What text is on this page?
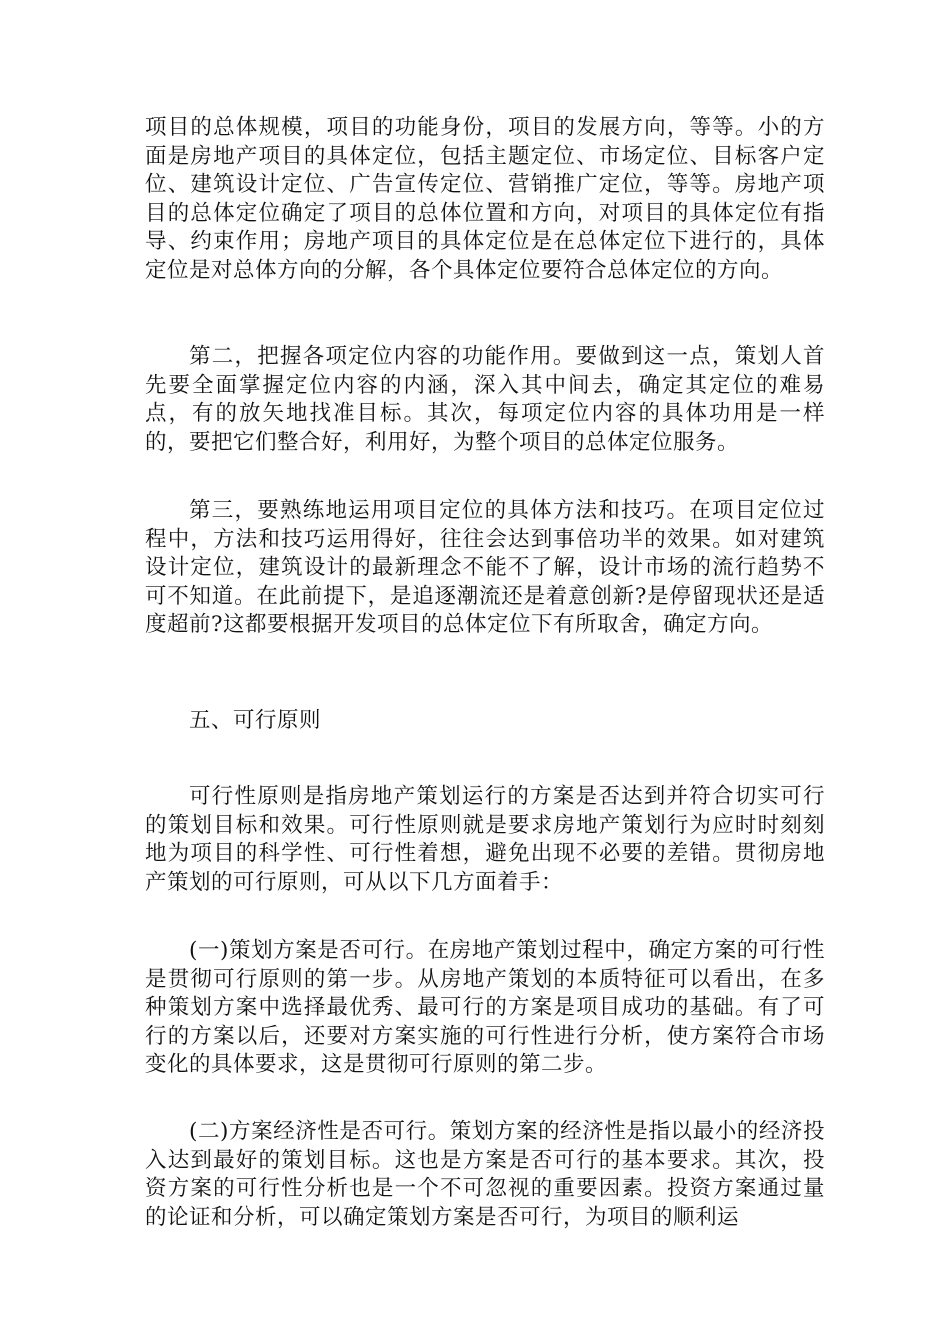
项目的总体规模，项目的功能身份，项目的发展方向，等等。小的方面是房地产项目的具体定位，包括主题定位、市场定位、目标客户定位、建筑设计定位、广告宣传定位、营销推广定位，等等。房地产项目的总体定位确定了项目的总体位置和方向，对项目的具体定位有指导、约束作用；房地产项目的具体定位是在总体定位下进行的，具体定位是对总体方向的分解，各个具体定位要符合总体定位的方向。

第二，把握各项定位内容的功能作用。要做到这一点，策划人首先要全面掌握定位内容的内涵，深入其中间去，确定其定位的难易点，有的放矢地找准目标。其次，每项定位内容的具体功用是一样的，要把它们整合好，利用好，为整个项目的总体定位服务。

第三，要熟练地运用项目定位的具体方法和技巧。在项目定位过程中，方法和技巧运用得好，往往会达到事倍功半的效果。如对建筑设计定位，建筑设计的最新理念不能不了解，设计市场的流行趋势不可不知道。在此前提下，是追逐潮流还是着意创新?是停留现状还是适度超前?这都要根据开发项目的总体定位下有所取舍，确定方向。

五、可行原则

可行性原则是指房地产策划运行的方案是否达到并符合切实可行的策划目标和效果。可行性原则就是要求房地产策划行为应时时刻刻地为项目的科学性、可行性着想，避免出现不必要的差错。贯彻房地产策划的可行原则，可从以下几方面着手：

(一)策划方案是否可行。在房地产策划过程中，确定方案的可行性是贯彻可行原则的第一步。从房地产策划的本质特征可以看出，在多种策划方案中选择最优秀、最可行的方案是项目成功的基础。有了可行的方案以后，还要对方案实施的可行性进行分析，使方案符合市场变化的具体要求，这是贯彻可行原则的第二步。

(二)方案经济性是否可行。策划方案的经济性是指以最小的经济投入达到最好的策划目标。这也是方案是否可行的基本要求。其次，投资方案的可行性分析也是一个不可忽视的重要因素。投资方案通过量的论证和分析，可以确定策划方案是否可行，为项目的顺利运
